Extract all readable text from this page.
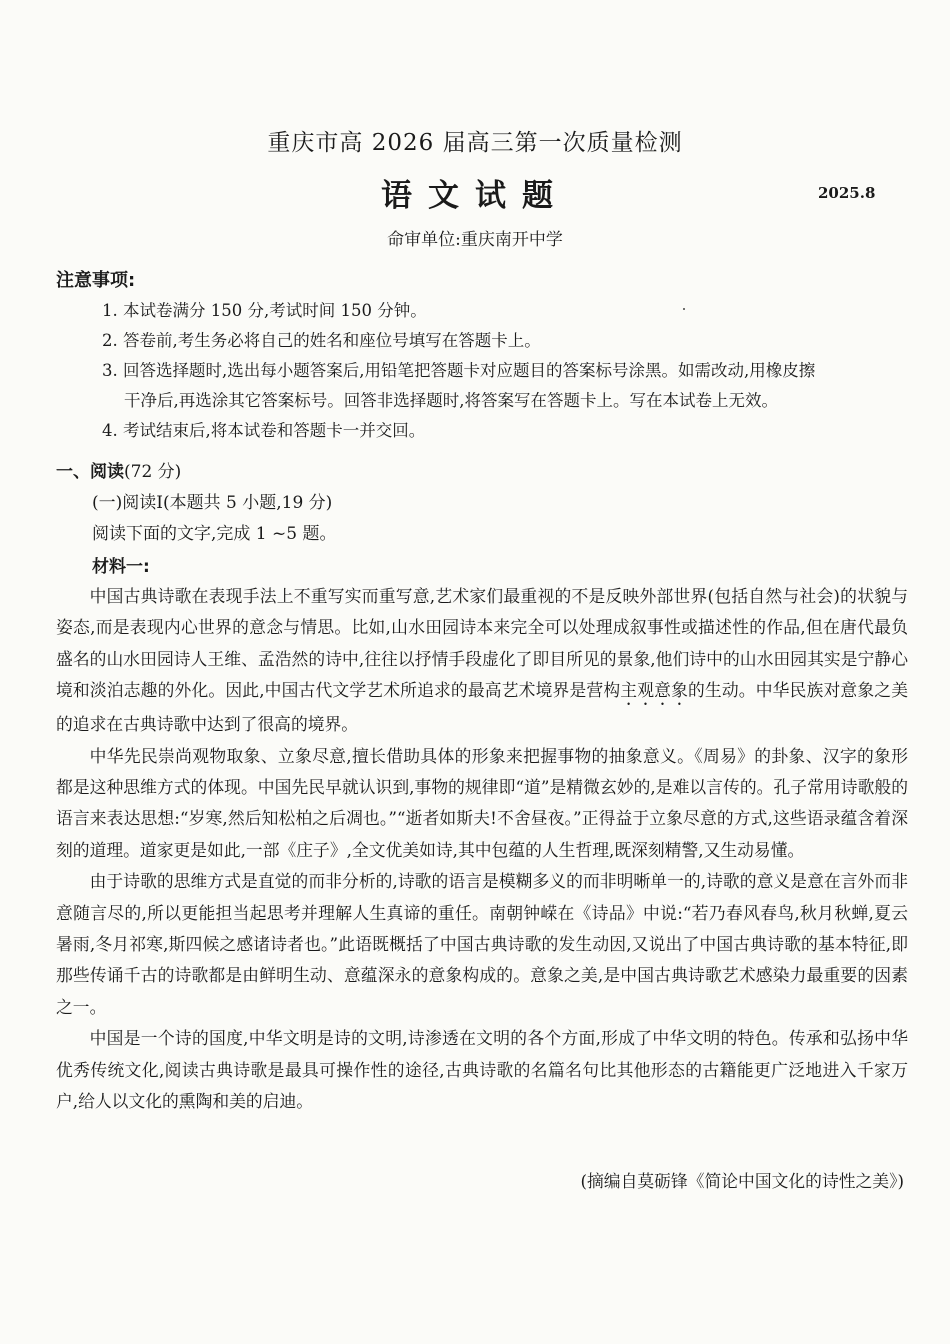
重庆市高 2026 届高三第一次质量检测
语文试题	2025.8
命审单位:重庆南开中学
注意事项:

1. 本试卷满分 150 分,考试时间 150 分钟。

2. 答卷前,考生务必将自己的姓名和座位号填写在答题卡上。

3. 回答选择题时,选出每小题答案后,用铅笔把答题卡对应题目的答案标号涂黑。如需改动,用橡皮擦
干净后,再选涂其它答案标号。回答非选择题时,将答案写在答题卡上。写在本试卷上无效。

4. 考试结束后,将本试卷和答题卡一并交回。

一、阅读(72 分)
(一)阅读Ⅰ(本题共 5 小题,19 分)
阅读下面的文字,完成 1 ~5 题。
材料一:

中国古典诗歌在表现手法上不重写实而重写意,艺术家们最重视的不是反映外部世界(包括自然与社会)的状貌与姿态,而是表现内心世界的意念与情思。比如,山水田园诗本来完全可以处理成叙事性或描述性的作品,但在唐代最负盛名的山水田园诗人王维、孟浩然的诗中,往往以抒情手段虚化了即目所见的景象,他们诗中的山水田园其实是宁静心境和淡泊志趣的外化。因此,中国古代文学艺术所追求的最高艺术境界是营构主观意象的生动。中华民族对意象之美的追求在古典诗歌中达到了很高的境界。

中华先民崇尚观物取象、立象尽意,擅长借助具体的形象来把握事物的抽象意义。《周易》的卦象、汉字的象形都是这种思维方式的体现。中国先民早就认识到,事物的规律即“道”是精微玄妙的,是难以言传的。孔子常用诗歌般的语言来表达思想:“岁寒,然后知松柏之后凋也。”“逝者如斯夫!不舍昼夜。”正得益于立象尽意的方式,这些语录蕴含着深刻的道理。道家更是如此,一部《庄子》,全文优美如诗,其中包蕴的人生哲理,既深刻精警,又生动易懂。

由于诗歌的思维方式是直觉的而非分析的,诗歌的语言是模糊多义的而非明晰单一的,诗歌的意义是意在言外而非意随言尽的,所以更能担当起思考并理解人生真谛的重任。南朝钟嵘在《诗品》中说:“若乃春风春鸟,秋月秋蝉,夏云暑雨,冬月祁寒,斯四候之感诸诗者也。”此语既概括了中国古典诗歌的发生动因,又说出了中国古典诗歌的基本特征,即那些传诵千古的诗歌都是由鲜明生动、意蕴深永的意象构成的。意象之美,是中国古典诗歌艺术感染力最重要的因素之一。

中国是一个诗的国度,中华文明是诗的文明,诗渗透在文明的各个方面,形成了中华文明的特色。传承和弘扬中华优秀传统文化,阅读古典诗歌是最具可操作性的途径,古典诗歌的名篇名句比其他形态的古籍能更广泛地进入千家万户,给人以文化的熏陶和美的启迪。

(摘编自莫砺锋《简论中国文化的诗性之美》)
